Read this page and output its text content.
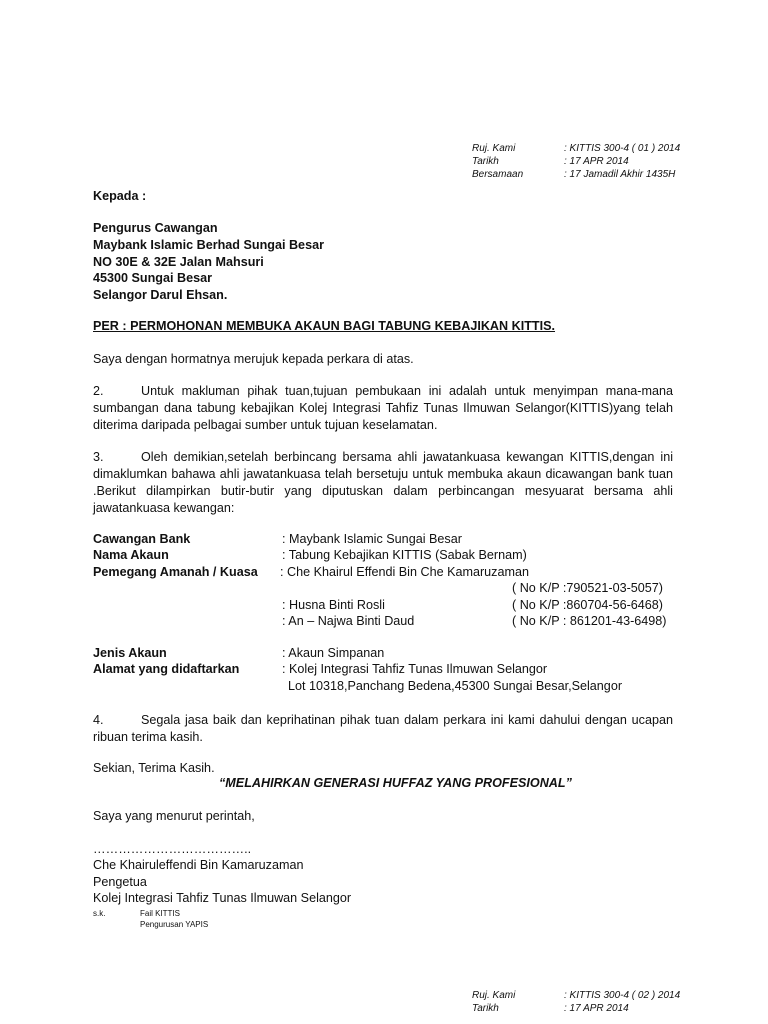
Ruj. Kami	: KITTIS 300-4 ( 01 ) 2014
Tarikh	: 17 APR 2014
Bersamaan	: 17 Jamadil Akhir 1435H
Kepada :
Pengurus Cawangan
Maybank Islamic Berhad Sungai Besar
NO 30E & 32E Jalan Mahsuri
45300 Sungai Besar
Selangor Darul Ehsan.
PER : PERMOHONAN MEMBUKA AKAUN BAGI TABUNG KEBAJIKAN KITTIS.
Saya dengan hormatnya merujuk kepada perkara di atas.
2.	Untuk makluman pihak tuan,tujuan pembukaan ini adalah untuk menyimpan mana-mana sumbangan dana tabung kebajikan Kolej Integrasi Tahfiz Tunas Ilmuwan Selangor(KITTIS)yang telah diterima daripada pelbagai sumber untuk tujuan keselamatan.
3.	Oleh demikian,setelah berbincang bersama ahli jawatankuasa kewangan KITTIS,dengan ini dimaklumkan bahawa ahli jawatankuasa telah bersetuju untuk membuka akaun dicawangan bank tuan .Berikut dilampirkan butir-butir yang diputuskan dalam perbincangan mesyuarat bersama ahli jawatankuasa kewangan:
Cawangan Bank	: Maybank Islamic Sungai Besar
Nama Akaun	: Tabung Kebajikan KITTIS (Sabak Bernam)
Pemegang Amanah / Kuasa : Che Khairul Effendi Bin Che Kamaruzaman
( No K/P :790521-03-5057)
: Husna Binti Rosli	( No K/P :860704-56-6468)
: An – Najwa Binti Daud	( No K/P : 861201-43-6498)
Jenis Akaun	: Akaun Simpanan
Alamat yang didaftarkan	: Kolej Integrasi Tahfiz Tunas Ilmuwan Selangor
Lot 10318,Panchang Bedena,45300 Sungai Besar,Selangor
4.	Segala jasa baik dan keprihatinan pihak tuan dalam perkara ini kami dahului dengan ucapan ribuan terima kasih.
Sekian, Terima Kasih.
“MELAHIRKAN GENERASI HUFFAZ YANG PROFESIONAL”
Saya yang menurut perintah,
………………………………..
Che Khairuleffendi Bin Kamaruzaman
Pengetua
Kolej Integrasi Tahfiz Tunas Ilmuwan Selangor
s.k.	Fail KITTIS
Pengurusan YAPIS
Ruj. Kami	: KITTIS 300-4 ( 02 ) 2014
Tarikh	: 17 APR 2014
